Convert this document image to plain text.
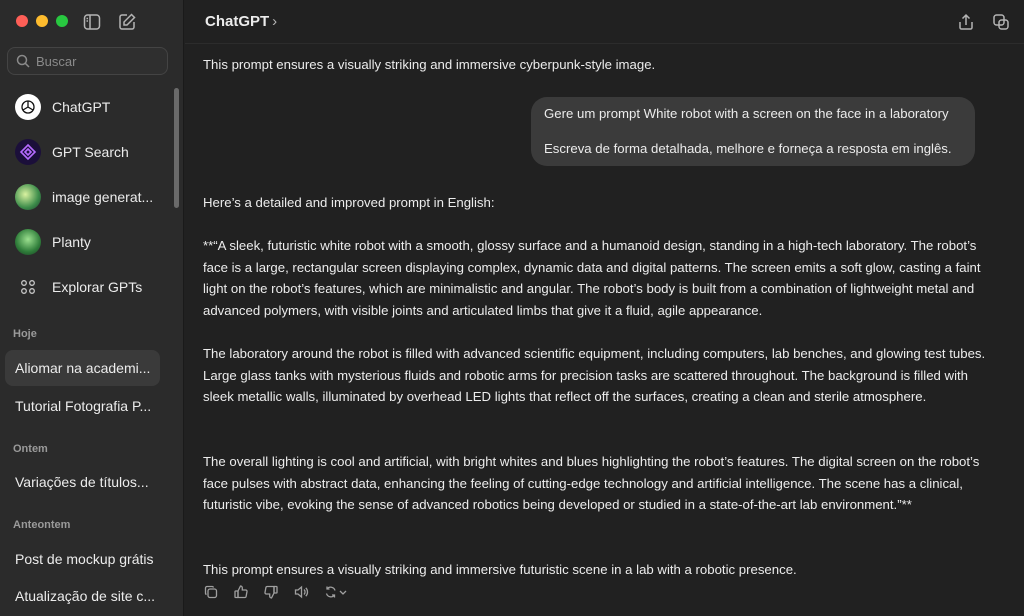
Buscar
ChatGPT
GPT Search
image generat...
Planty
Explorar GPTs
Hoje
Aliomar na academi...
Tutorial Fotografia P...
Ontem
Variações de títulos...
Anteontem
Post de mockup grátis
Atualização de site c...
ChatGPT ›
This prompt ensures a visually striking and immersive cyberpunk-style image.

Gere um prompt White robot with a screen on the face in a laboratory

Escreva de forma detalhada, melhore e forneça a resposta em inglês.

Here’s a detailed and improved prompt in English:
**“A sleek, futuristic white robot with a smooth, glossy surface and a humanoid design, standing in a high-tech laboratory. The robot’s face is a large, rectangular screen displaying complex, dynamic data and digital patterns. The screen emits a soft glow, casting a faint light on the robot’s features, which are minimalistic and angular. The robot’s body is built from a combination of lightweight metal and advanced polymers, with visible joints and articulated limbs that give it a fluid, agile appearance.
The laboratory around the robot is filled with advanced scientific equipment, including computers, lab benches, and glowing test tubes. Large glass tanks with mysterious fluids and robotic arms for precision tasks are scattered throughout. The background is filled with sleek metallic walls, illuminated by overhead LED lights that reflect off the surfaces, creating a clean and sterile atmosphere.
The overall lighting is cool and artificial, with bright whites and blues highlighting the robot’s features. The digital screen on the robot’s face pulses with abstract data, enhancing the feeling of cutting-edge technology and artificial intelligence. The scene has a clinical, futuristic vibe, evoking the sense of advanced robotics being developed or studied in a state-of-the-art lab environment.”**
This prompt ensures a visually striking and immersive futuristic scene in a lab with a robotic presence.
